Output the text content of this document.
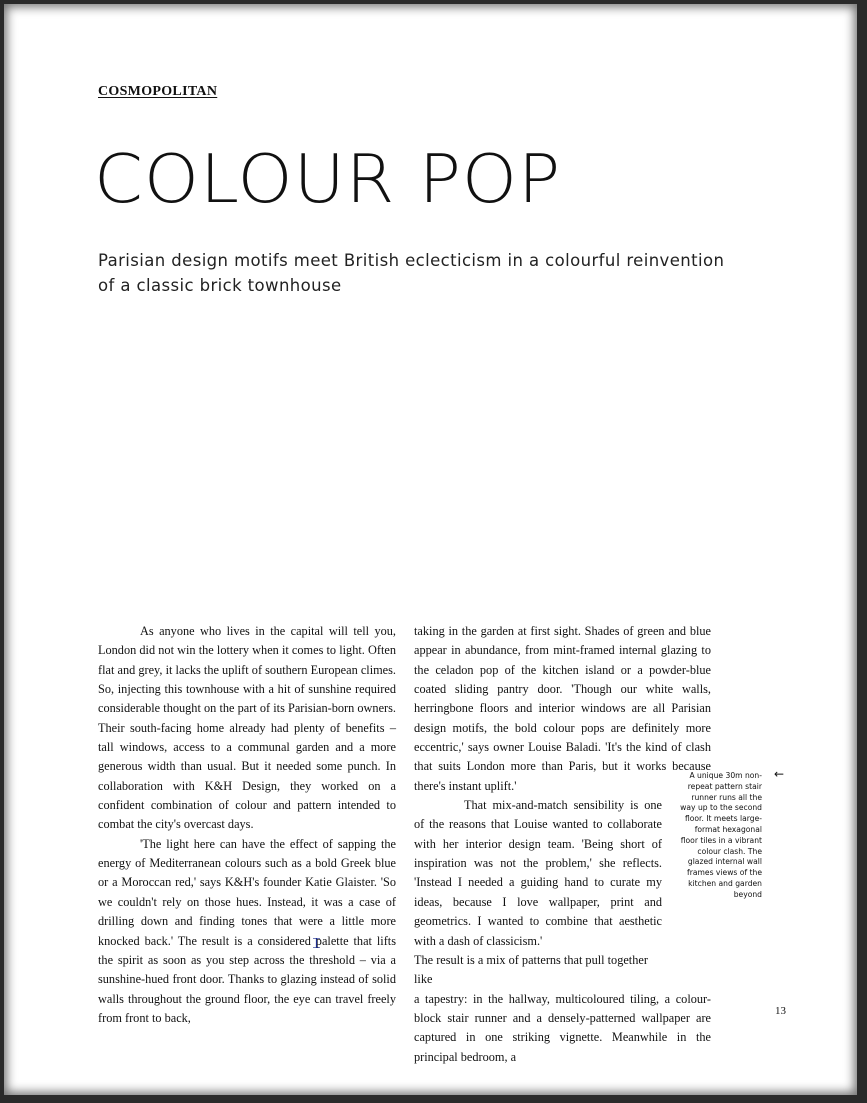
COSMOPOLITAN
COLOUR POP
Parisian design motifs meet British eclecticism in a colourful reinvention of a classic brick townhouse

As anyone who lives in the capital will tell you, London did not win the lottery when it comes to light. Often flat and grey, it lacks the uplift of southern European climes. So, injecting this townhouse with a hit of sunshine required considerable thought on the part of its Parisian-born owners. Their south-facing home already had plenty of benefits – tall windows, access to a communal garden and a more generous width than usual. But it needed some punch. In collaboration with K&H Design, they worked on a confident combination of colour and pattern intended to combat the city's overcast days.

'The light here can have the effect of sapping the energy of Mediterranean colours such as a bold Greek blue or a Moroccan red,' says K&H's founder Katie Glaister. 'So we couldn't rely on those hues. Instead, it was a case of drilling down and finding tones that were a little more knocked back.' The result is a considered palette that lifts the spirit as soon as you step across the threshold – via a sunshine-hued front door. Thanks to glazing instead of solid walls throughout the ground floor, the eye can travel freely from front to back,

taking in the garden at first sight. Shades of green and blue appear in abundance, from mint-framed internal glazing to the celadon pop of the kitchen island or a powder-blue coated sliding pantry door. 'Though our white walls, herringbone floors and interior windows are all Parisian design motifs, the bold colour pops are definitely more eccentric,' says owner Louise Baladi. 'It's the kind of clash that suits London more than Paris, but it works because there's instant uplift.'

That mix-and-match sensibility is one of the reasons that Louise wanted to collaborate with her interior design team. 'Being short of inspiration was not the problem,' she reflects. 'Instead I needed a guiding hand to curate my ideas, because I love wallpaper, print and geometrics. I wanted to combine that aesthetic with a dash of classicism.'

The result is a mix of patterns that pull together like

a tapestry: in the hallway, multicoloured tiling, a colour-block stair runner and a densely-patterned wallpaper are captured in one striking vignette. Meanwhile in the principal bedroom, a

A unique 30m non-repeat pattern stair runner runs all the way up to the second floor. It meets large-format hexagonal floor tiles in a vibrant colour clash. The glazed internal wall frames views of the kitchen and garden beyond
←
13
